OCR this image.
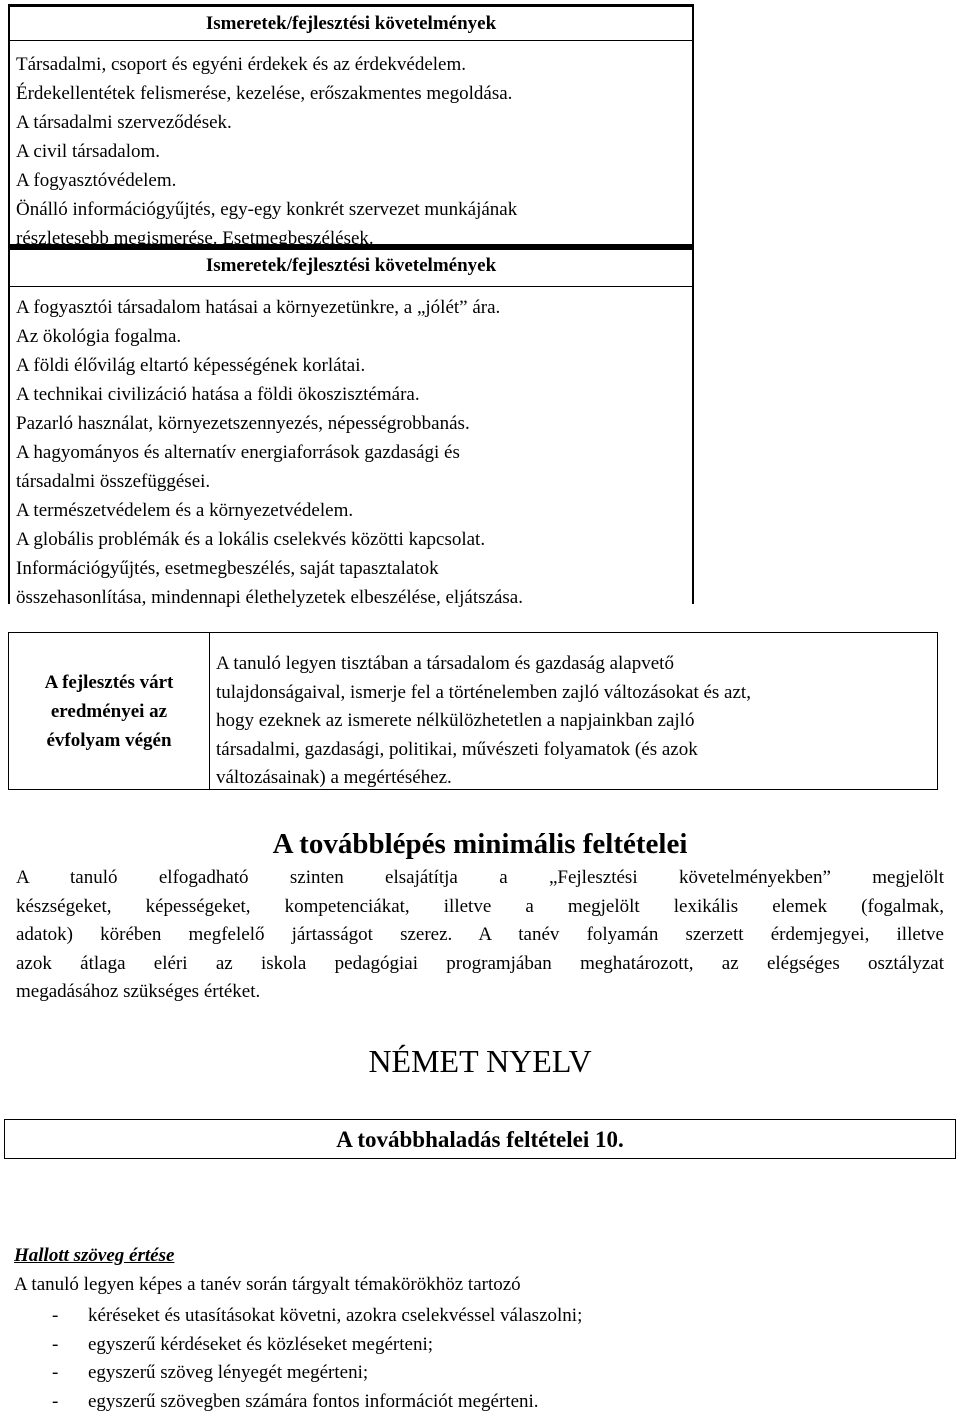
Ismeretek/fejlesztési követelmények
Társadalmi, csoport és egyéni érdekek és az érdekvédelem.
Érdekellentétek felismerése, kezelése, erőszakmentes megoldása.
A társadalmi szerveződések.
A civil társadalom.
A fogyasztóvédelem.
Önálló információgyűjtés, egy-egy konkrét szervezet munkájának
részletesebb megismerése. Esetmegbeszélések.
Ismeretek/fejlesztési követelmények
A fogyasztói társadalom hatásai a környezetünkre, a „jólét” ára.
Az ökológia fogalma.
A földi élővilág eltartó képességének korlátai.
A technikai civilizáció hatása a földi ökoszisztémára.
Pazarló használat, környezetszennyezés, népességrobbanás.
A hagyományos és alternatív energiaforrások gazdasági és
társadalmi összefüggései.
A természetvédelem és a környezetvédelem.
A globális problémák és a lokális cselekvés közötti kapcsolat.
Információgyűjtés, esetmegbeszélés, saját tapasztalatok
összehasonlítása, mindennapi élethelyzetek elbeszélése, eljátszása.
A fejlesztés várt
eredményei az
évfolyam végén
A tanuló legyen tisztában a társadalom és gazdaság alapvető
tulajdonságaival, ismerje fel a történelemben zajló változásokat és azt,
hogy ezeknek az ismerete nélkülözhetetlen a napjainkban zajló
társadalmi, gazdasági, politikai, művészeti folyamatok (és azok
változásainak) a megértéséhez.
A továbblépés minimális feltételei
A tanuló elfogadható szinten elsajátítja a „Fejlesztési követelményekben” megjelölt
készségeket, képességeket, kompetenciákat, illetve a megjelölt lexikális elemek (fogalmak,
adatok) körében megfelelő jártasságot szerez. A tanév folyamán szerzett érdemjegyei, illetve
azok átlaga eléri az iskola pedagógiai programjában meghatározott, az elégséges osztályzat
megadásához szükséges értéket.
NÉMET NYELV
A továbbhaladás feltételei 10.
Hallott szöveg értése
A tanuló legyen képes a tanév során tárgyalt témakörökhöz tartozó
- kéréseket és utasításokat követni, azokra cselekvéssel válaszolni;
- egyszerű kérdéseket és közléseket megérteni;
- egyszerű szöveg lényegét megérteni;
- egyszerű szövegben számára fontos információt megérteni.
